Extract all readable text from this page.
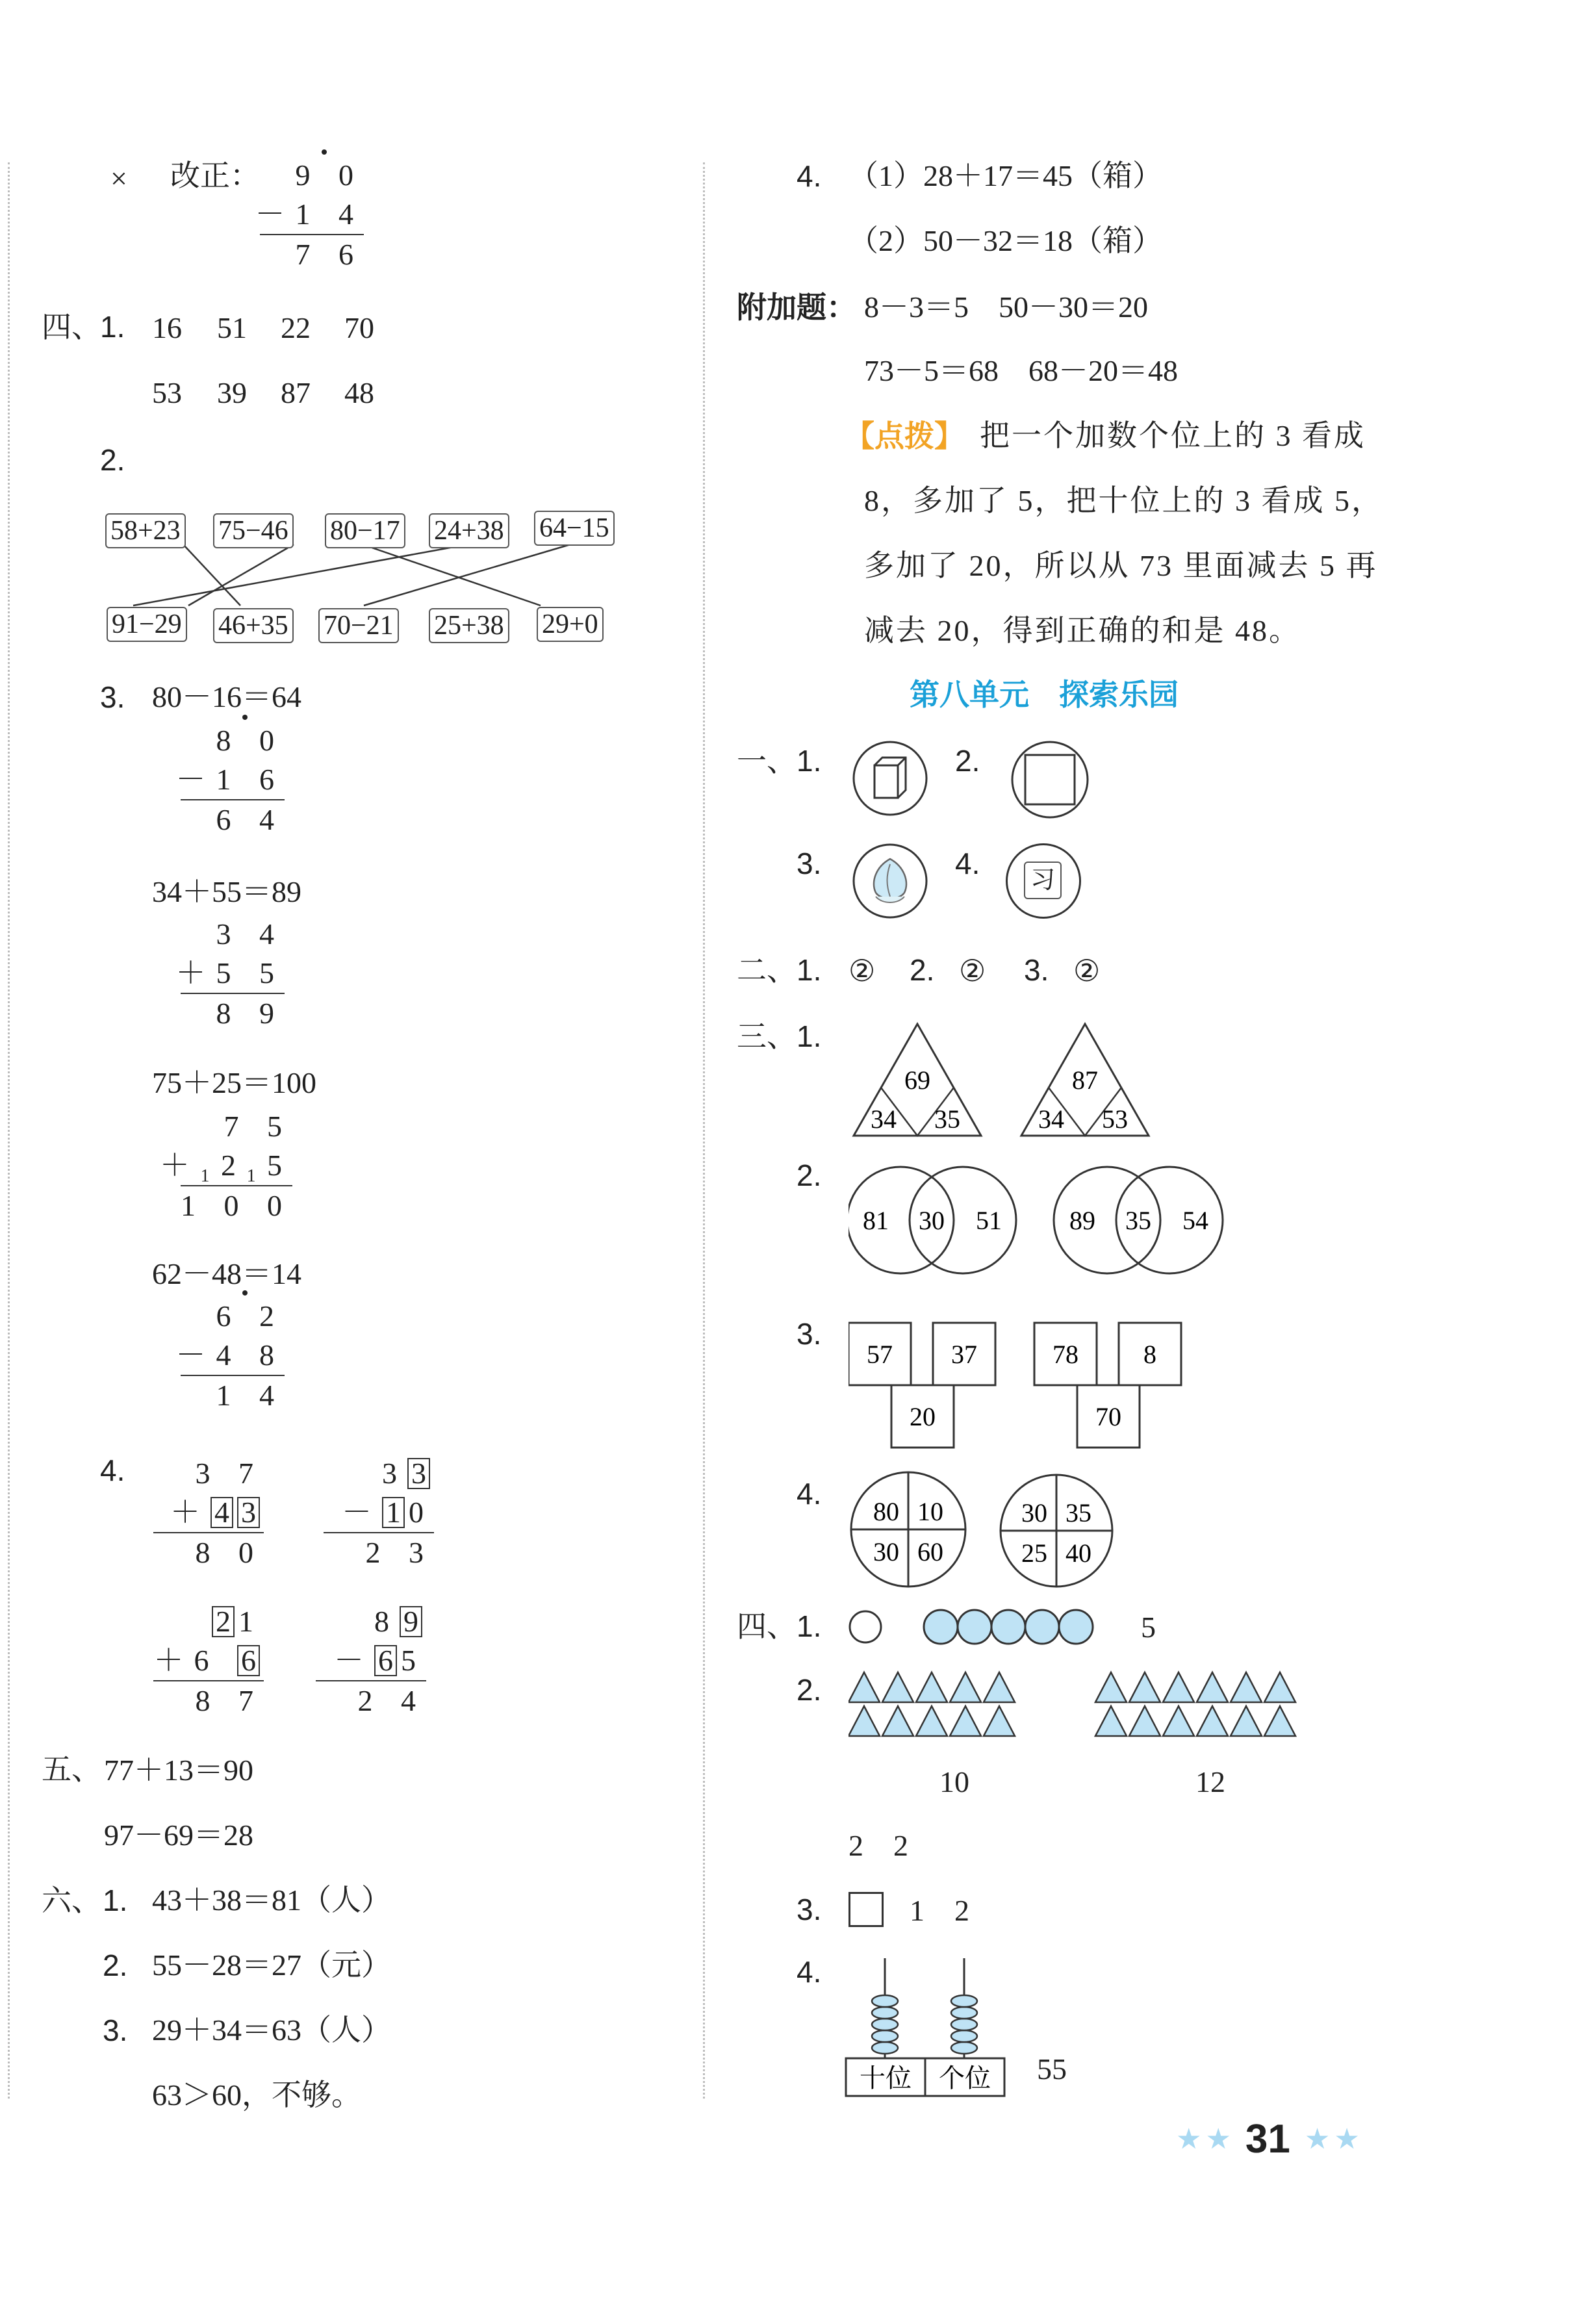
× 改正： 9 0
－1 4
7 6
四、
1. 16 51 22 70
53 39 87 48
2.
58+23 75−46 80−17 24+38 64−15
91−29 46+35 70−21 25+38 29+0
3. 80－16＝64
8 0
－1 6
6 4
34＋55＝89
3 4
＋5 5
8 9
75＋25＝100
7 5
＋₁2₁5
1 0 0
62－48＝14
6 2
－4 8
1 4
4. 3 7
＋ 4 3
8 0
3 3
－ 1 0
2 3
2 1
＋6 6
8 7
8 9
－ 6 5
2 4
五、 77＋13＝90
97－69＝28
六、 1. 43＋38＝81（人）
2. 55－28＝27（元）
3. 29＋34＝63（人）
63＞60，不够。
4. （1）28＋17＝45（箱）
（2）50－32＝18（箱）
附加题： 8－3＝5　50－30＝20
73－5＝68　68－20＝48
【点拨】 把一个加数个位上的 3 看成
8，多加了 5，把十位上的 3 看成 5，
多加了 20，所以从 73 里面减去 5 再
减去 20，得到正确的和是 48。
第八单元　探索乐园
一、 1.	2.
3.	4. 习
二、 1. ② 2. ② 3. ②
三、 1.
69
34 35
87
34 53
2.
81 30 51	89 35 54
3.
57 37
20
78	8
70
4.
80 10
30 60
30 35
25 40
四、 1.	5
2.
10	12
2　2
3.	1　2
4.
十位 个位 55
★ ★ 31 ★ ★
